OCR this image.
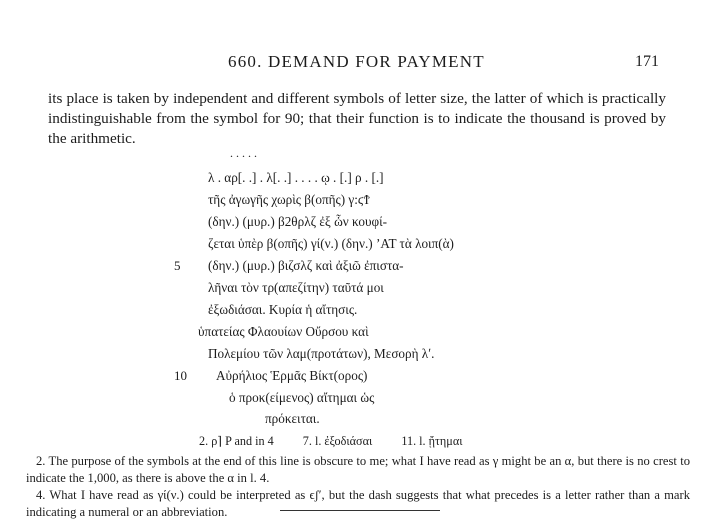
660. DEMAND FOR PAYMENT	171
its place is taken by independent and different symbols of letter size, the latter of which is practically indistinguishable from the symbol for 90; that their function is to indicate the thousand is proved by the arithmetic.
. . . . .
λ . αρ[. .] . λ[. .] . . . . ῳ . [.] ρ . [.]
τῆς ἀγωγῆς χωρὶς β(οπῆς) γ:ϛϮ
(δην.) (μυρ.) β2θρλζ ἐξ ὧν κουφί-
ζεται ὑπὲρ β(οπῆς) γί(ν.) (δην.) ʼΑΤ τὰ λοιπ(ὰ)
5 (δην.) (μυρ.) βιζσλζ καὶ ἀξιῶ ἐπιστα-
λῆναι τὸν τρ(απεζίτην) ταῦτά μοι
ἐξωδιάσαι. Κυρία ἡ αἴτησις.
ὑπατείας Φλαουίων Οὔρσου καὶ
Πολεμίου τῶν λαμ(προτάτων), Μεσορὴ λʹ.
10 Αὐρήλιος Ἑρμᾶς Βίκτ(ορος)
ὁ προκ(είμενος) αἴτημαι ὡς
πρόκειται.
2. ρ⌉ P and in 4 7. l. ἐξοδιάσαι 11. l. ᾔτημαι
2. The purpose of the symbols at the end of this line is obscure to me; what I have read as γ might be an α, but there is no crest to indicate the 1,000, as there is above the α in l. 4.
4. What I have read as γί(ν.) could be interpreted as ϵʃʹ, but the dash suggests that what precedes is a letter rather than a mark indicating a numeral or an abbreviation.
